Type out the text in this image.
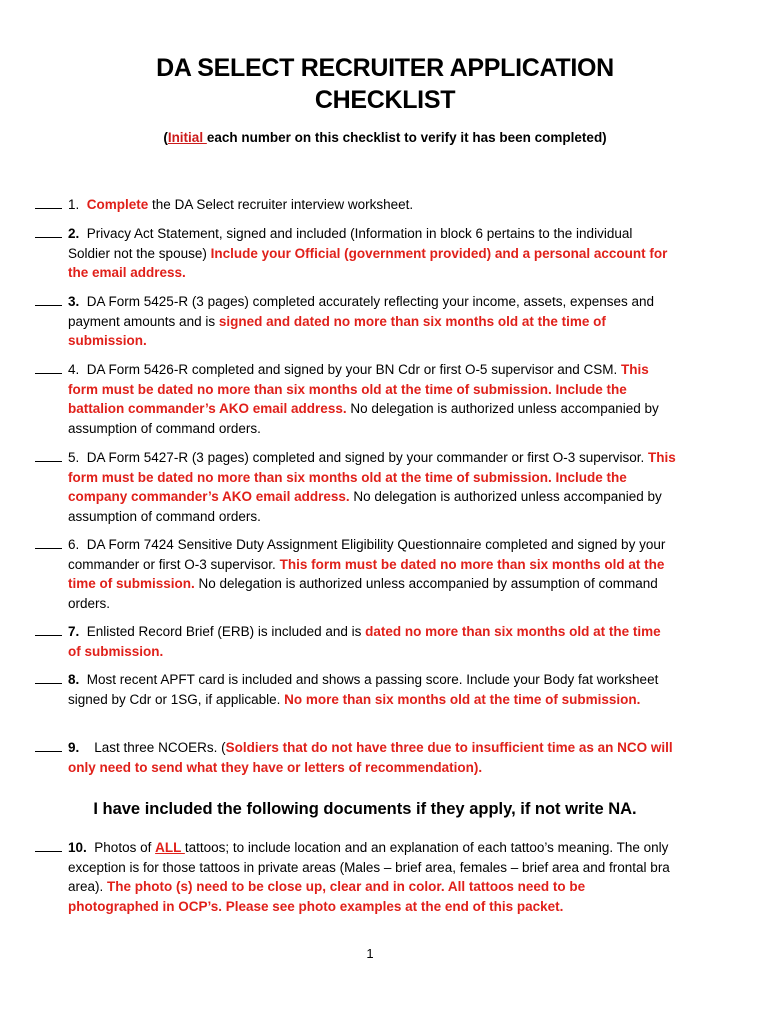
DA SELECT RECRUITER APPLICATION
CHECKLIST
(Initial each number on this checklist to verify it has been completed)
1. Complete the DA Select recruiter interview worksheet.
2. Privacy Act Statement, signed and included (Information in block 6 pertains to the individual Soldier not the spouse) Include your Official (government provided) and a personal account for the email address.
3. DA Form 5425-R (3 pages) completed accurately reflecting your income, assets, expenses and payment amounts and is signed and dated no more than six months old at the time of submission.
4. DA Form 5426-R completed and signed by your BN Cdr or first O-5 supervisor and CSM. This form must be dated no more than six months old at the time of submission. Include the battalion commander’s AKO email address. No delegation is authorized unless accompanied by assumption of command orders.
5. DA Form 5427-R (3 pages) completed and signed by your commander or first O-3 supervisor. This form must be dated no more than six months old at the time of submission. Include the company commander’s AKO email address. No delegation is authorized unless accompanied by assumption of command orders.
6. DA Form 7424 Sensitive Duty Assignment Eligibility Questionnaire completed and signed by your commander or first O-3 supervisor. This form must be dated no more than six months old at the time of submission. No delegation is authorized unless accompanied by assumption of command orders.
7. Enlisted Record Brief (ERB) is included and is dated no more than six months old at the time of submission.
8. Most recent APFT card is included and shows a passing score. Include your Body fat worksheet signed by Cdr or 1SG, if applicable. No more than six months old at the time of submission.
9. Last three NCOERs. (Soldiers that do not have three due to insufficient time as an NCO will only need to send what they have or letters of recommendation).
I have included the following documents if they apply, if not write NA.
10. Photos of ALL tattoos; to include location and an explanation of each tattoo’s meaning. The only exception is for those tattoos in private areas (Males – brief area, females – brief area and frontal bra area). The photo (s) need to be close up, clear and in color. All tattoos need to be photographed in OCP’s. Please see photo examples at the end of this packet.
1
